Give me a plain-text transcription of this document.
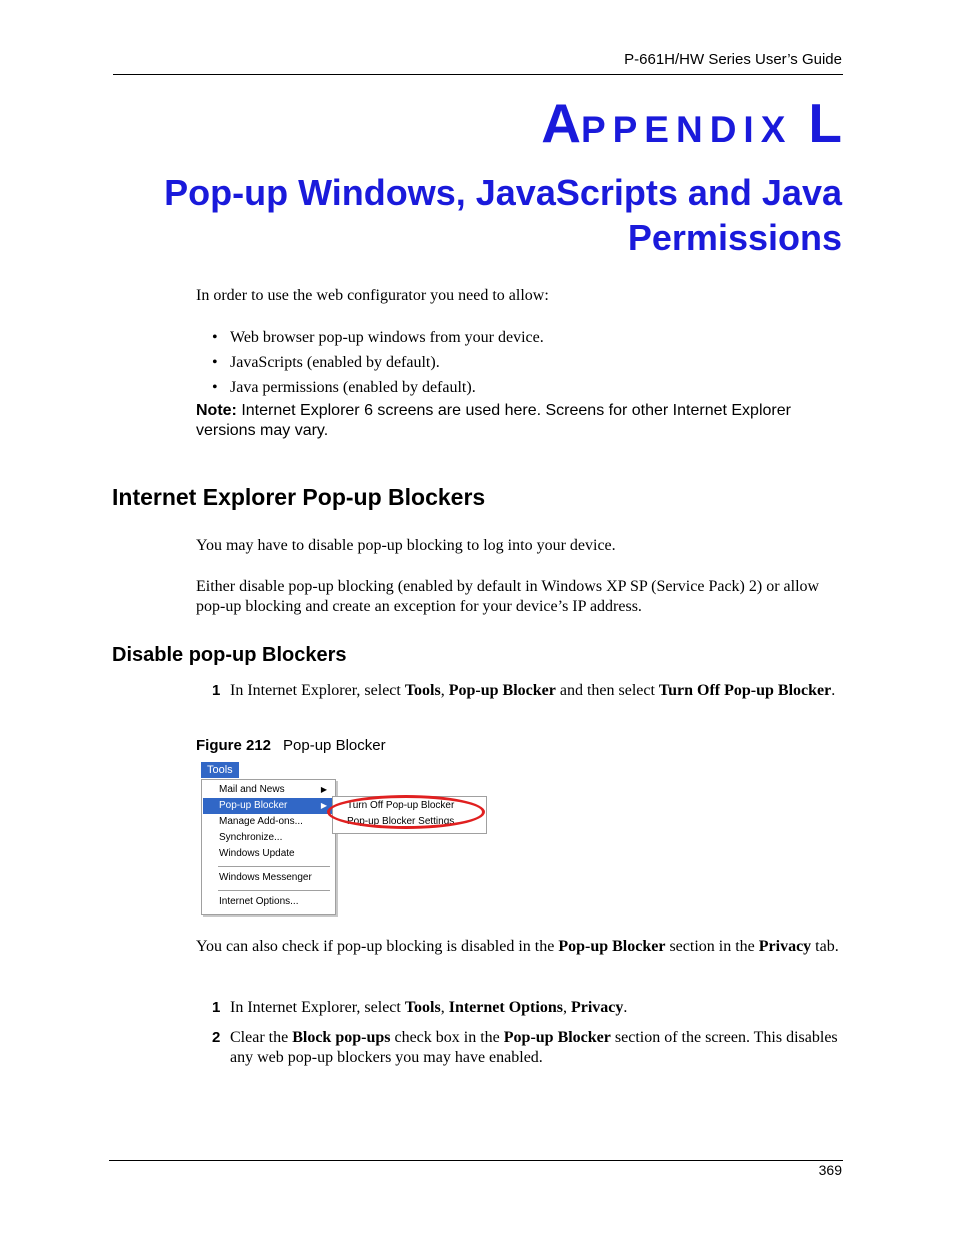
P-661H/HW Series User’s Guide
APPENDIX L
Pop-up Windows, JavaScripts and Java Permissions
In order to use the web configurator you need to allow:
• Web browser pop-up windows from your device.
• JavaScripts (enabled by default).
• Java permissions (enabled by default).
Note: Internet Explorer 6 screens are used here. Screens for other Internet Explorer versions may vary.
Internet Explorer Pop-up Blockers
You may have to disable pop-up blocking to log into your device.
Either disable pop-up blocking (enabled by default in Windows XP SP (Service Pack) 2) or allow pop-up blocking and create an exception for your device’s IP address.
Disable pop-up Blockers
1 In Internet Explorer, select Tools, Pop-up Blocker and then select Turn Off Pop-up Blocker.
Figure 212 Pop-up Blocker
Tools
Mail and News	▶
Pop-up Blocker	▶
Manage Add-ons...
Synchronize...
Windows Update
Windows Messenger
Internet Options...
Turn Off Pop-up Blocker
Pop-up Blocker Settings
You can also check if pop-up blocking is disabled in the Pop-up Blocker section in the Privacy tab.
1 In Internet Explorer, select Tools, Internet Options, Privacy.
2 Clear the Block pop-ups check box in the Pop-up Blocker section of the screen. This disables any web pop-up blockers you may have enabled.
369
